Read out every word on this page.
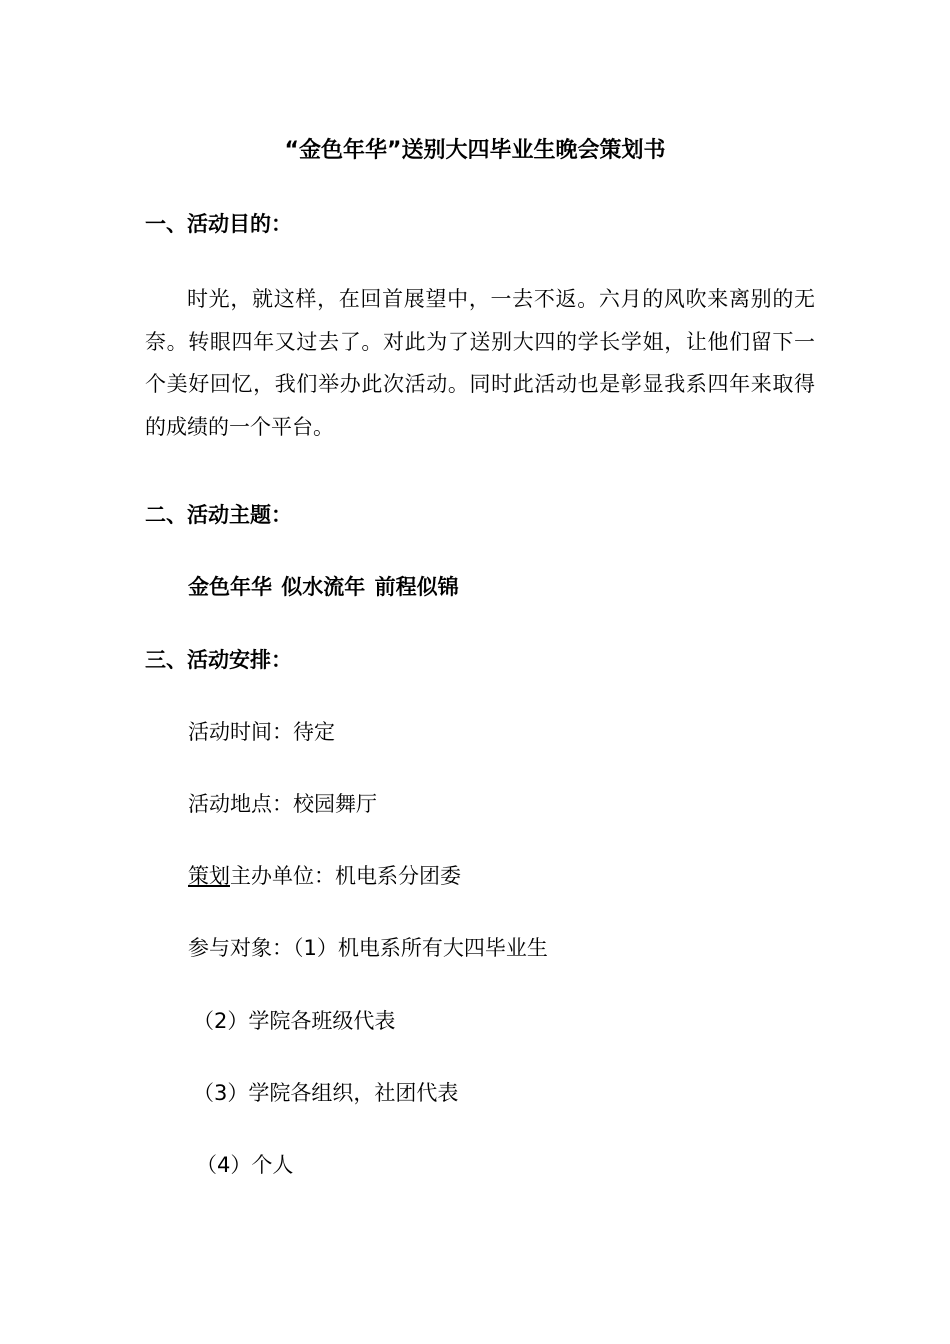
“金色年华”送别大四毕业生晚会策划书
一、活动目的：

时光，就这样，在回首展望中，一去不返。六月的风吹来离别的无奈。转眼四年又过去了。对此为了送别大四的学长学姐，让他们留下一个美好回忆，我们举办此次活动。同时此活动也是彰显我系四年来取得的成绩的一个平台。

二、活动主题：
金色年华 似水流年 前程似锦
三、活动安排：
活动时间：待定
活动地点：校园舞厅
策划主办单位：机电系分团委
参与对象：（1）机电系所有大四毕业生
（2）学院各班级代表
（3）学院各组织，社团代表
（4）个人
